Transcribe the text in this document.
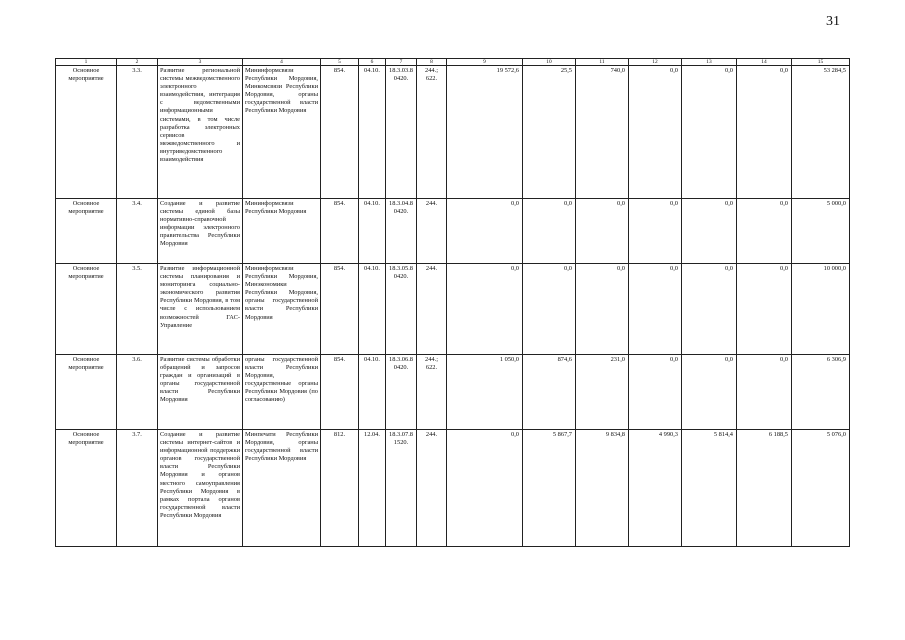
31
1	2	3	4	5	6	7	8	9	10	11	12	13	14	15
Основное мероприятие	3.3.	Развитие региональной системы межведомственного электронного взаимодействия, интеграция с ведомственными информационными системами, в том числе разработка электронных сервисов межведомственного и внутриведомственного взаимодействия	Мининформсвязи Республики Мордовия, Минкомсвязи Республики Мордовия, органы государственной власти Республики Мордовия	854.	04.10.	18.3.03.8 0420.	244.; 622.	19 572,6	25,5	740,0	0,0	0,0	0,0	53 284,5
Основное мероприятие	3.4.	Создание и развитие системы единой базы нормативно-справочной информации электронного правительства Республики Мордовия	Мининформсвязи Республики Мордовия	854.	04.10.	18.3.04.8 0420.	244.	0,0	0,0	0,0	0,0	0,0	0,0	5 000,0
Основное мероприятие	3.5.	Развитие информационной системы планирования и мониторинга социально-экономического развития Республики Мордовия, в том числе с использованием возможностей ГАС-Управление	Мининформсвязи Республики Мордовия, Минэкономики Республики Мордовия, органы государственной власти Республики Мордовия	854.	04.10.	18.3.05.8 0420.	244.	0,0	0,0	0,0	0,0	0,0	0,0	10 000,0
Основное мероприятие	3.6.	Развитие системы обработки обращений и запросов граждан и организаций в органы государственной власти Республики Мордовия	органы государственной власти Республики Мордовия, государственные органы Республики Мордовия (по согласованию)	854.	04.10.	18.3.06.8 0420.	244.; 622.	1 050,0	874,6	231,0	0,0	0,0	0,0	6 306,9
Основное мероприятие	3.7.	Создание и развитие системы интернет-сайтов и информационной поддержки органов государственной власти Республики Мордовия и органов местного самоуправления Республики Мордовия в рамках портала органов государственной власти Республики Мордовия	Минпечати Республики Мордовия, органы государственной власти Республики Мордовия	812.	12.04.	18.3.07.8 1520.	244.	0,0	5 867,7	9 834,8	4 990,3	5 814,4	6 188,5	5 076,0
